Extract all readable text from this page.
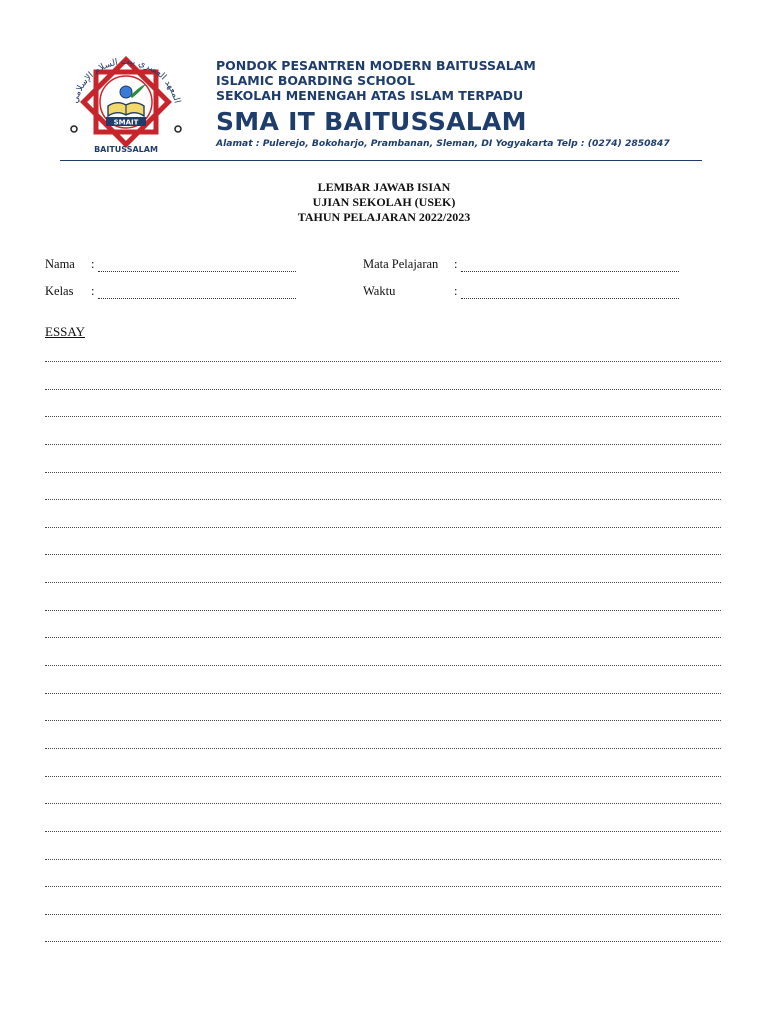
SMAIT
المعهد العصري بيت السلام الإسلامي
BAITUSSALAM
PONDOK PESANTREN MODERN BAITUSSALAM
ISLAMIC BOARDING SCHOOL
SEKOLAH MENENGAH ATAS ISLAM TERPADU
SMA IT BAITUSSALAM
Alamat : Pulerejo, Bokoharjo, Prambanan, Sleman, DI Yogyakarta Telp : (0274) 2850847
LEMBAR JAWAB ISIAN
UJIAN SEKOLAH (USEK)
TAHUN PELAJARAN 2022/2023
Nama :
Kelas :
Mata Pelajaran :
Waktu	:
ESSAY
